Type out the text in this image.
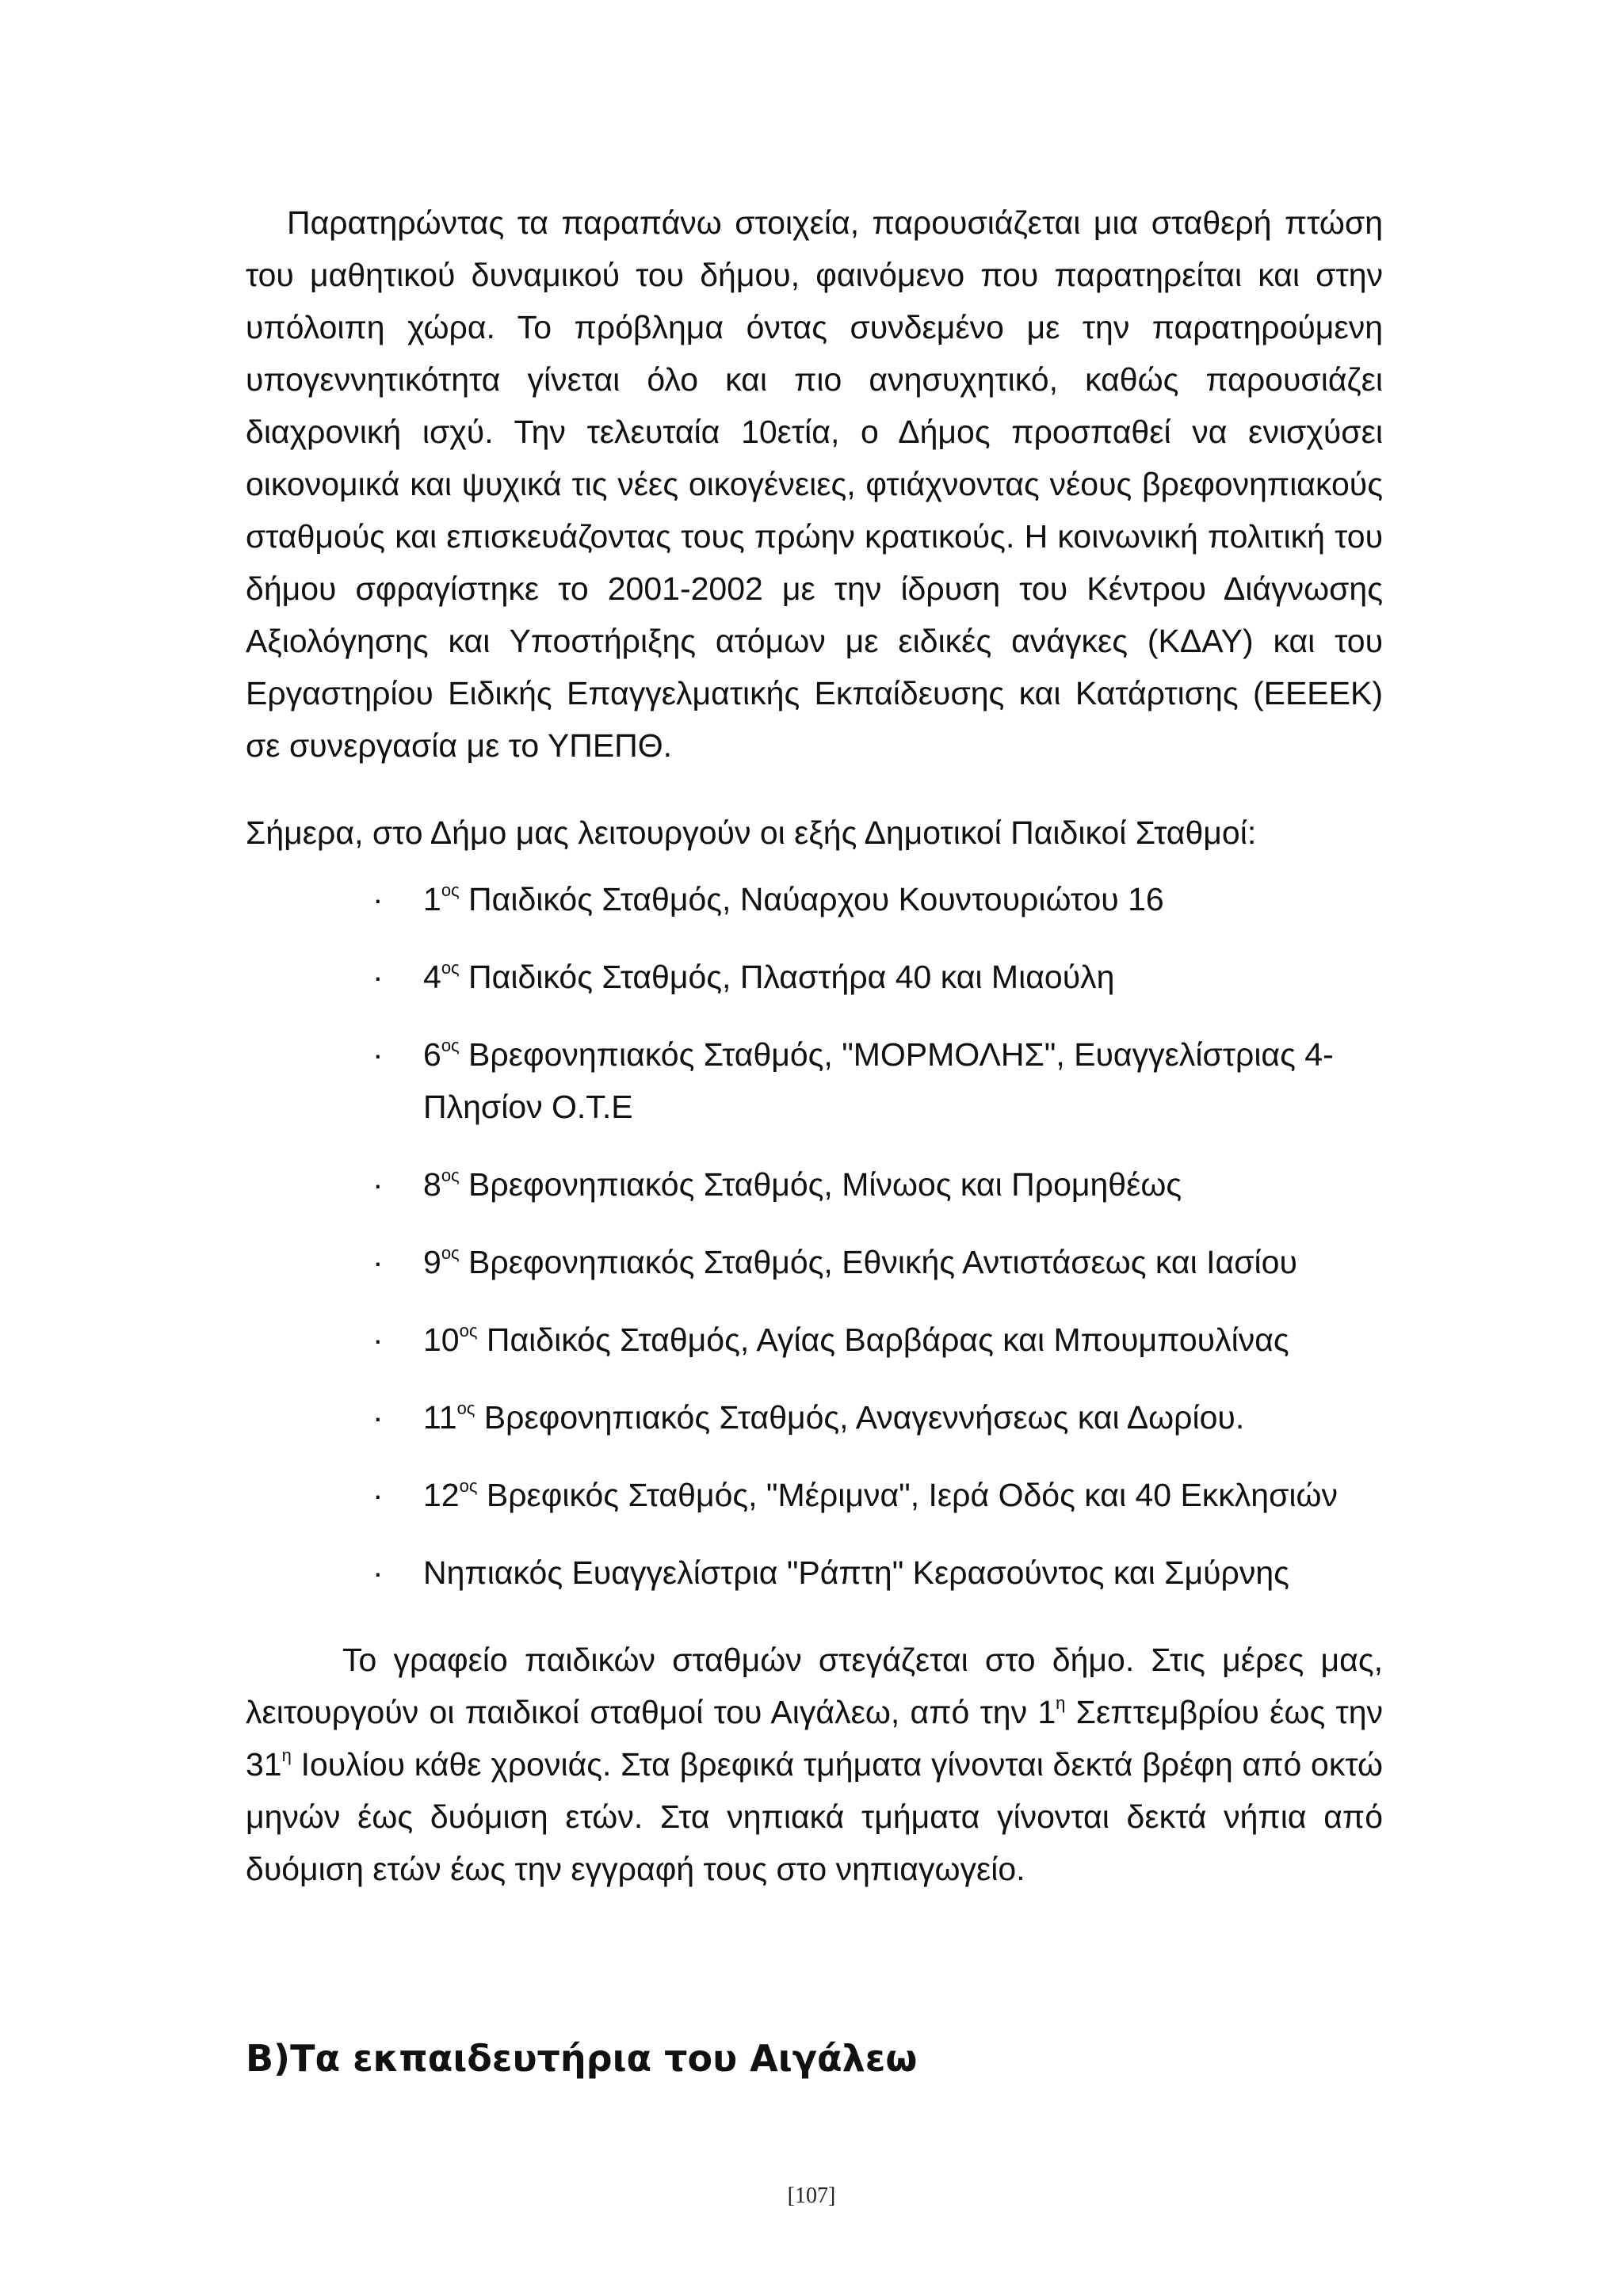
Παρατηρώντας τα παραπάνω στοιχεία, παρουσιάζεται μια σταθερή πτώση του μαθητικού δυναμικού του δήμου, φαινόμενο που παρατηρείται και στην υπόλοιπη χώρα. Το πρόβλημα όντας συνδεμένο με την παρατηρούμενη υπογεννητικότητα γίνεται όλο και πιο ανησυχητικό, καθώς παρουσιάζει διαχρονική ισχύ. Την τελευταία 10ετία, ο Δήμος προσπαθεί να ενισχύσει οικονομικά και ψυχικά τις νέες οικογένειες, φτιάχνοντας νέους βρεφονηπιακούς σταθμούς και επισκευάζοντας τους πρώην κρατικούς. Η κοινωνική πολιτική του δήμου σφραγίστηκε το 2001-2002 με την ίδρυση του Κέντρου Διάγνωσης Αξιολόγησης και Υποστήριξης ατόμων με ειδικές ανάγκες (ΚΔΑΥ) και του Εργαστηρίου Ειδικής Επαγγελματικής Εκπαίδευσης και Κατάρτισης (ΕΕΕΕΚ) σε συνεργασία με το ΥΠΕΠΘ.

Σήμερα, στο Δήμο μας λειτουργούν οι εξής Δημοτικοί Παιδικοί Σταθμοί:

· $1^{o\varsigma}$ Παιδικός Σταθμός, Ναύαρχου Κουντουριώτου 16
· $4^{o\varsigma}$ Παιδικός Σταθμός, Πλαστήρα 40 και Μιαούλη
· $6^{o\varsigma}$ Βρεφονηπιακός Σταθμός, "ΜΟΡΜΟΛΗΣ", Ευαγγελίστριας 4- Πλησίον Ο.Τ.Ε
· $8^{o\varsigma}$ Βρεφονηπιακός Σταθμός, Μίνωος και Προμηθέως
· $9^{o\varsigma}$ Βρεφονηπιακός Σταθμός, Εθνικής Αντιστάσεως και Ιασίου
· $10^{o\varsigma}$ Παιδικός Σταθμός, Αγίας Βαρβάρας και Μπουμπουλίνας
· $11^{o\varsigma}$ Βρεφονηπιακός Σταθμός, Αναγεννήσεως και Δωρίου.
· $12^{o\varsigma}$ Βρεφικός Σταθμός, "Μέριμνα", Ιερά Οδός και 40 Εκκλησιών
· Νηπιακός Ευαγγελίστρια "Ράπτη" Κερασούντος και Σμύρνης

Το γραφείο παιδικών σταθμών στεγάζεται στο δήμο. Στις μέρες μας, λειτουργούν οι παιδικοί σταθμοί του Αιγάλεω, από την $1^\eta$ Σεπτεμβρίου έως την $31^\eta$ Ιουλίου κάθε χρονιάς. Στα βρεφικά τμήματα γίνονται δεκτά βρέφη από οκτώ μηνών έως δυόμιση ετών. Στα νηπιακά τμήματα γίνονται δεκτά νήπια από δυόμιση ετών έως την εγγραφή τους στο νηπιαγωγείο.

Β)Τα εκπαιδευτήρια του Αιγάλεω
[107]
